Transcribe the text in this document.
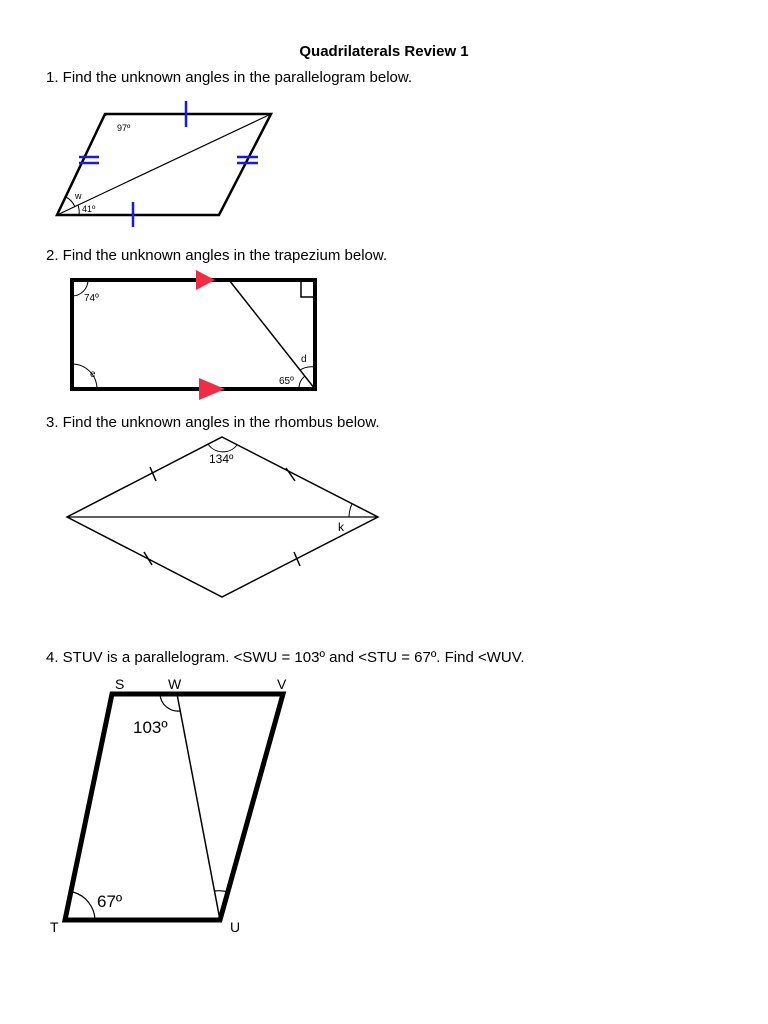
Quadrilaterals Review 1
1. Find the unknown angles in the parallelogram below.
2. Find the unknown angles in the trapezium below.
3. Find the unknown angles in the rhombus below.
4. STUV is a parallelogram. <SWU = 103º and <STU = 67º. Find <WUV.
97º
w
41º
74º
e
65º
d
134º
k
S	W	V
T	U
103º
67º
